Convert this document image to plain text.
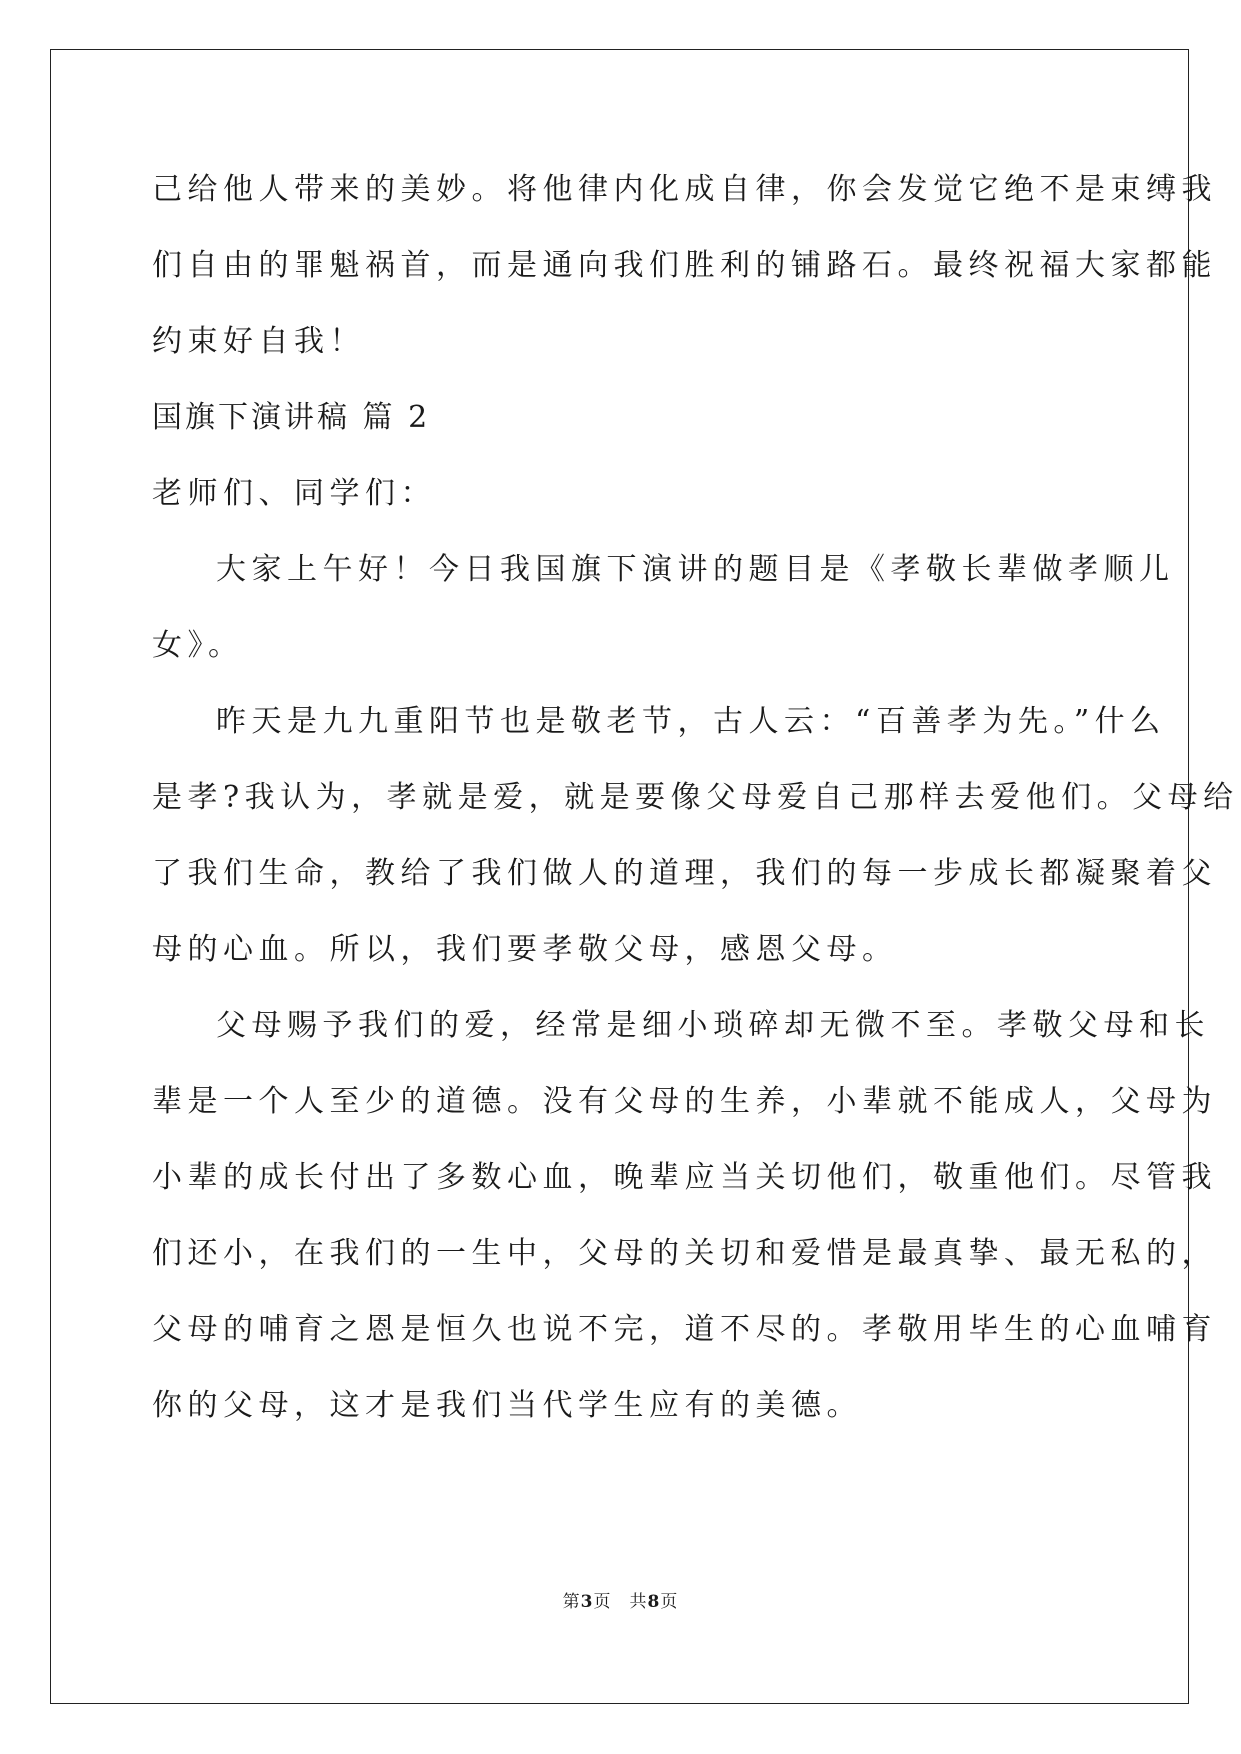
己给他人带来的美妙。将他律内化成自律，你会发觉它绝不是束缚我
们自由的罪魁祸首，而是通向我们胜利的铺路石。最终祝福大家都能
约束好自我！
国旗下演讲稿 篇 2
老师们、同学们：
大家上午好！今日我国旗下演讲的题目是《孝敬长辈做孝顺儿
女》。
昨天是九九重阳节也是敬老节，古人云：“百善孝为先。”什么
是孝?我认为，孝就是爱，就是要像父母爱自己那样去爱他们。父母给
了我们生命，教给了我们做人的道理，我们的每一步成长都凝聚着父
母的心血。所以，我们要孝敬父母，感恩父母。
父母赐予我们的爱，经常是细小琐碎却无微不至。孝敬父母和长
辈是一个人至少的道德。没有父母的生养，小辈就不能成人，父母为
小辈的成长付出了多数心血，晚辈应当关切他们，敬重他们。尽管我
们还小，在我们的一生中，父母的关切和爱惜是最真挚、最无私的，
父母的哺育之恩是恒久也说不完，道不尽的。孝敬用毕生的心血哺育
你的父母，这才是我们当代学生应有的美德。
第3页 共8页
